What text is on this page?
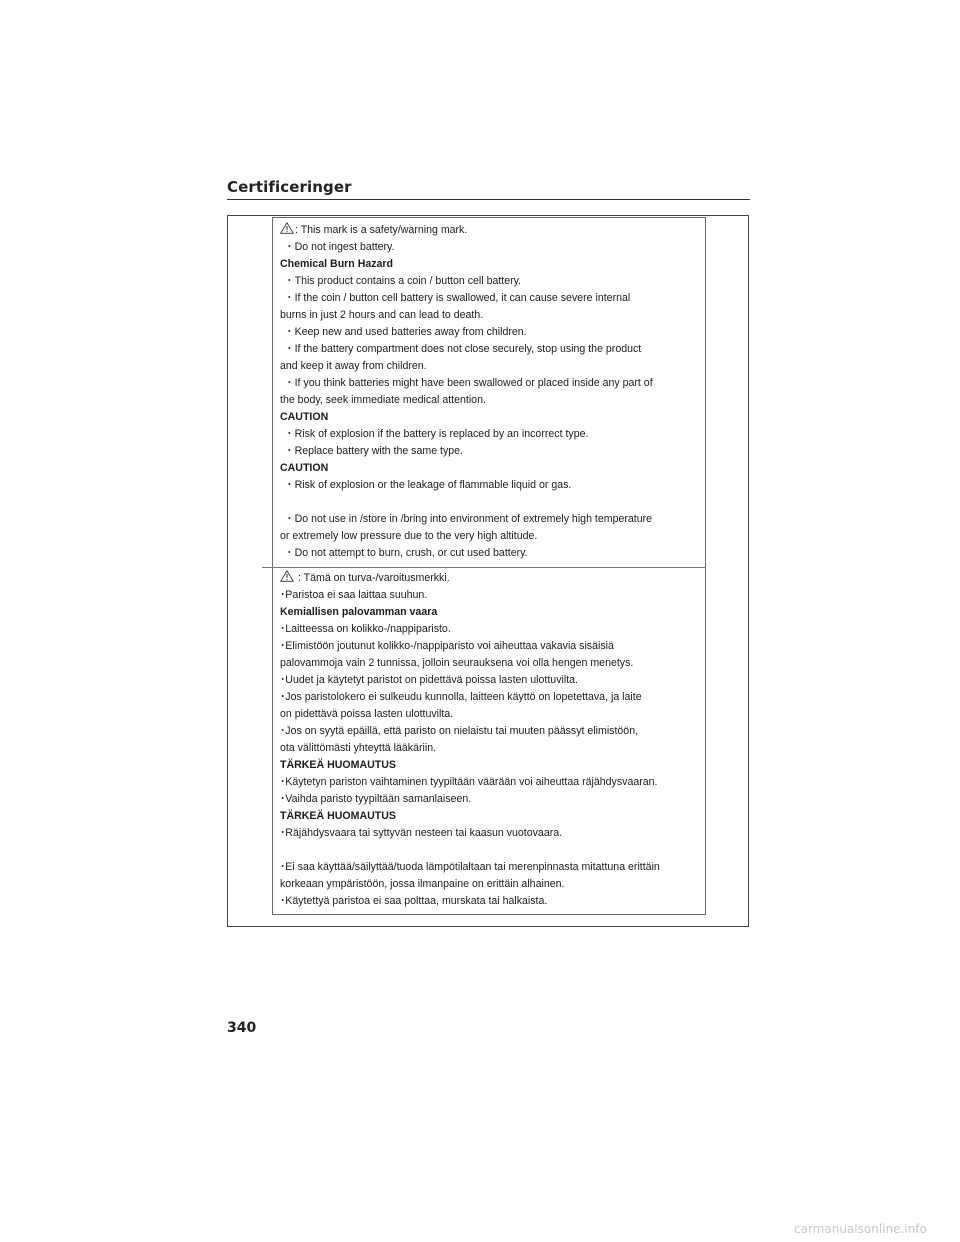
Certificeringer
: This mark is a safety/warning mark.
・Do not ingest battery.
Chemical Burn Hazard
・This product contains a coin / button cell battery.
・If the coin / button cell battery is swallowed, it can cause severe internal
burns in just 2 hours and can lead to death.
・Keep new and used batteries away from children.
・If the battery compartment does not close securely, stop using the product
and keep it away from children.
・If you think batteries might have been swallowed or placed inside any part of
the body, seek immediate medical attention.
CAUTION
・Risk of explosion if the battery is replaced by an incorrect type.
・Replace battery with the same type.
CAUTION
・Risk of explosion or the leakage of flammable liquid or gas.
・Do not use in /store in /bring into environment of extremely high temperature
or extremely low pressure due to the very high altitude.
・Do not attempt to burn, crush, or cut used battery.
: Tämä on turva-/varoitusmerkki.
･Paristoa ei saa laittaa suuhun.
Kemiallisen palovamman vaara
･Laitteessa on kolikko-/nappiparisto.
･Elimistöön joutunut kolikko-/nappiparisto voi aiheuttaa vakavia sisäisiä
palovammoja vain 2 tunnissa, jolloin seurauksena voi olla hengen menetys.
･Uudet ja käytetyt paristot on pidettävä poissa lasten ulottuvilta.
･Jos paristolokero ei sulkeudu kunnolla, laitteen käyttö on lopetettava, ja laite
on pidettävä poissa lasten ulottuvilta.
･Jos on syytä epäillä, että paristo on nielaistu tai muuten päässyt elimistöön,
ota välittömästi yhteyttä lääkäriin.
TÄRKEÄ HUOMAUTUS
･Käytetyn pariston vaihtaminen tyypiltään väärään voi aiheuttaa räjähdysvaaran.
･Vaihda paristo tyypiltään samanlaiseen.
TÄRKEÄ HUOMAUTUS
･Räjähdysvaara tai syttyvän nesteen tai kaasun vuotovaara.
･Ei saa käyttää/säilyttää/tuoda lämpötilaltaan tai merenpinnasta mitattuna erittäin
korkeaan ympäristöön, jossa ilmanpaine on erittäin alhainen.
･Käytettyä paristoa ei saa polttaa, murskata tai halkaista.
340
carmanualsonline.info
